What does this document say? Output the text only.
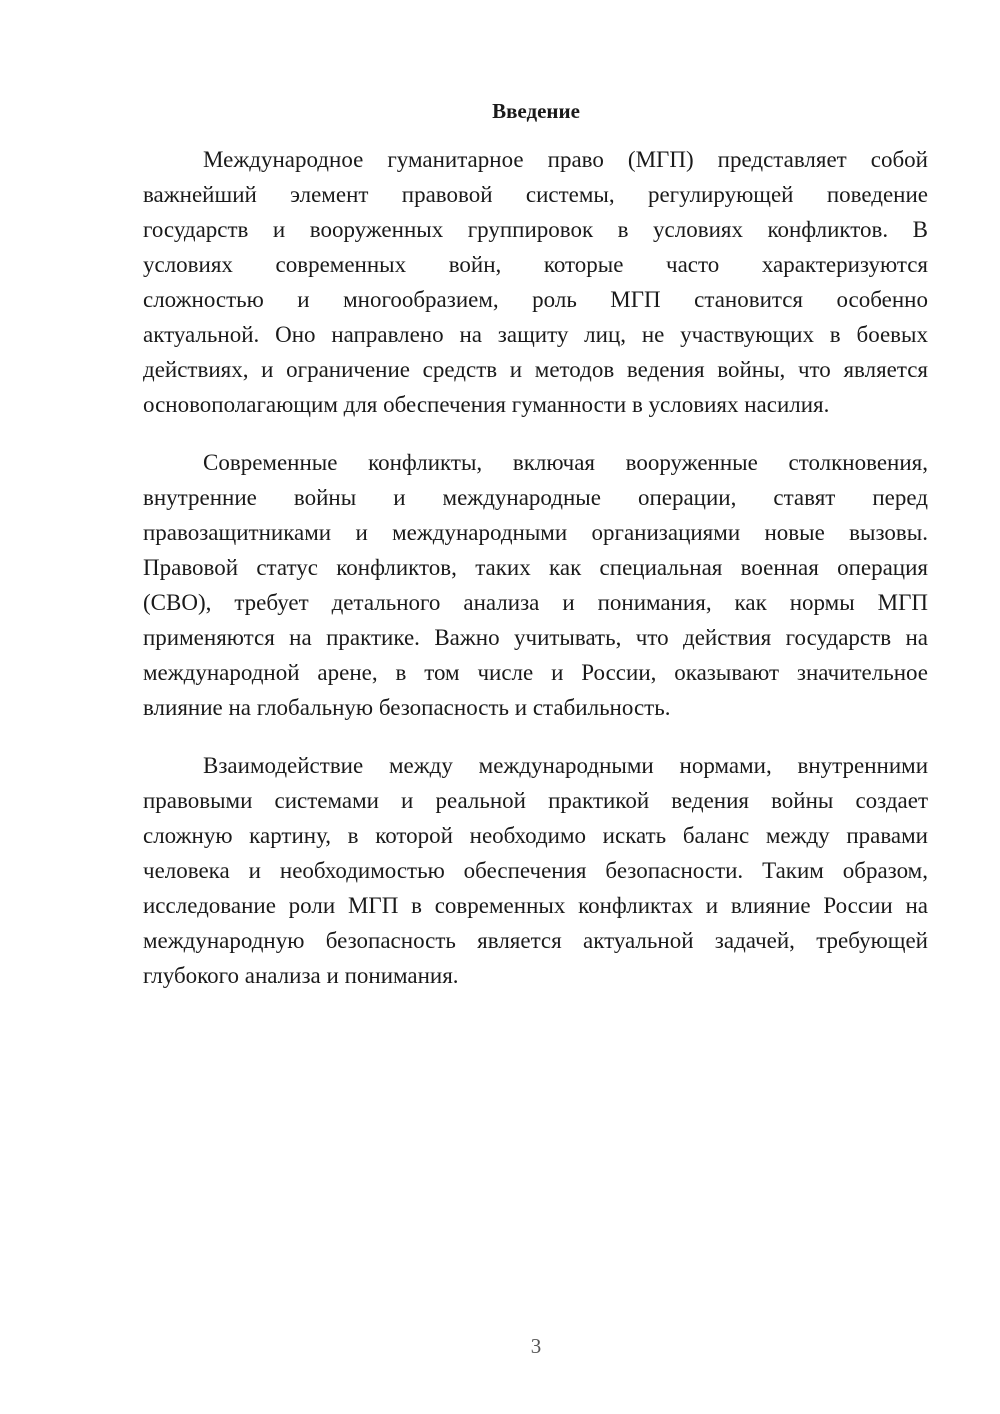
Введение
Международное гуманитарное право (МГП) представляет собой
важнейший элемент правовой системы, регулирующей поведение
государств и вооруженных группировок в условиях конфликтов. В
условиях современных войн, которые часто характеризуются
сложностью и многообразием, роль МГП становится особенно
актуальной. Оно направлено на защиту лиц, не участвующих в боевых
действиях, и ограничение средств и методов ведения войны, что является
основополагающим для обеспечения гуманности в условиях насилия.
Современные конфликты, включая вооруженные столкновения,
внутренние войны и международные операции, ставят перед
правозащитниками и международными организациями новые вызовы.
Правовой статус конфликтов, таких как специальная военная операция
(СВО), требует детального анализа и понимания, как нормы МГП
применяются на практике. Важно учитывать, что действия государств на
международной арене, в том числе и России, оказывают значительное
влияние на глобальную безопасность и стабильность.
Взаимодействие между международными нормами, внутренними
правовыми системами и реальной практикой ведения войны создает
сложную картину, в которой необходимо искать баланс между правами
человека и необходимостью обеспечения безопасности. Таким образом,
исследование роли МГП в современных конфликтах и влияние России на
международную безопасность является актуальной задачей, требующей
глубокого анализа и понимания.
3
